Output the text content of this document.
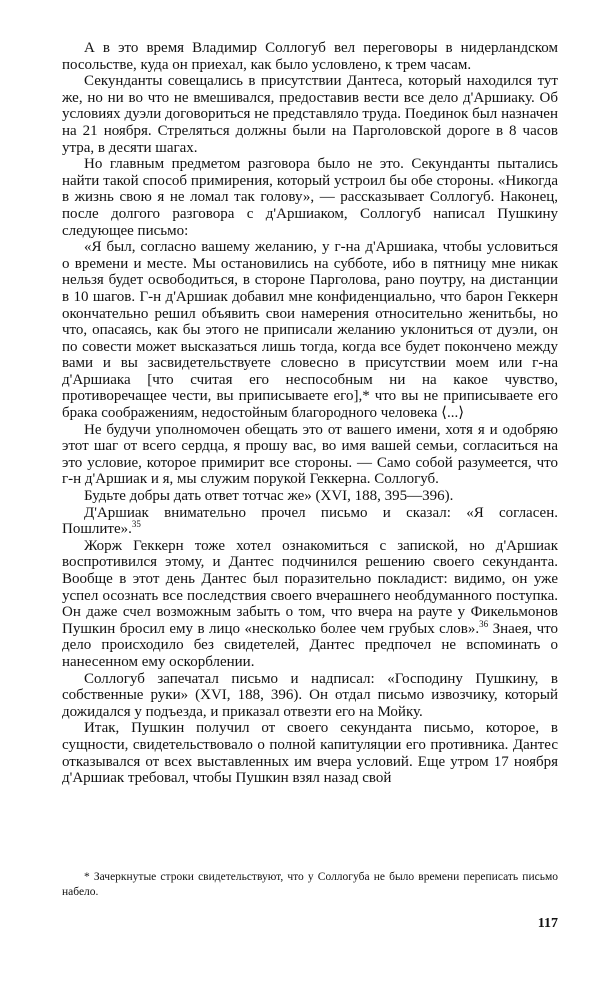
А в это время Владимир Соллогуб вел переговоры в нидерландском посольстве, куда он приехал, как было условлено, к трем часам.

Секунданты совещались в присутствии Дантеса, который находился тут же, но ни во что не вмешивался, предоставив вести все дело д'Аршиаку. Об условиях дуэли договориться не представляло труда. Поединок был назначен на 21 ноября. Стреляться должны были на Парголовской дороге в 8 часов утра, в десяти шагах.

Но главным предметом разговора было не это. Секунданты пытались найти такой способ примирения, который устроил бы обе стороны. «Никогда в жизнь свою я не ломал так голову», — рассказывает Соллогуб. Наконец, после долгого разговора с д'Аршиаком, Соллогуб написал Пушкину следующее письмо:

«Я был, согласно вашему желанию, у г-на д'Аршиака, чтобы условиться о времени и месте. Мы остановились на субботе, ибо в пятницу мне никак нельзя будет освободиться, в стороне Парголова, рано поутру, на дистанции в 10 шагов. Г-н д'Аршиак добавил мне конфиденциально, что барон Геккерн окончательно решил объявить свои намерения относительно женитьбы, но что, опасаясь, как бы этого не приписали желанию уклониться от дуэли, он по совести может высказаться лишь тогда, когда все будет покончено между вами и вы засвидетельствуете словесно в присутствии моем или г-на д'Аршиака [что считая его неспособным ни на какое чувство, противоречащее чести, вы приписываете его],* что вы не приписываете его брака соображениям, недостойным благородного человека ⟨...⟩

Не будучи уполномочен обещать это от вашего имени, хотя я и одобряю этот шаг от всего сердца, я прошу вас, во имя вашей семьи, согласиться на это условие, которое примирит все стороны. — Само собой разумеется, что г-н д'Аршиак и я, мы служим порукой Геккерна. Соллогуб.

Будьте добры дать ответ тотчас же» (XVI, 188, 395—396).

Д'Аршиак внимательно прочел письмо и сказал: «Я согласен. Пошлите».$^{35}$

Жорж Геккерн тоже хотел ознакомиться с запиской, но д'Аршиак воспротивился этому, и Дантес подчинился решению своего секунданта. Вообще в этот день Дантес был поразительно покладист: видимо, он уже успел осознать все последствия своего вчерашнего необдуманного поступка. Он даже счел возможным забыть о том, что вчера на рауте у Фикельмонов Пушкин бросил ему в лицо «несколько более чем грубых слов».$^{36}$ Знаея, что дело происходило без свидетелей, Дантес предпочел не вспоминать о нанесенном ему оскорблении.

Соллогуб запечатал письмо и надписал: «Господину Пушкину, в собственные руки» (XVI, 188, 396). Он отдал письмо извозчику, который дожидался у подъезда, и приказал отвезти его на Мойку.

Итак, Пушкин получил от своего секунданта письмо, которое, в сущности, свидетельствовало о полной капитуляции его противника. Дантес отказывался от всех выставленных им вчера условий. Еще утром 17 ноября д'Аршиак требовал, чтобы Пушкин взял назад свой

* Зачеркнутые строки свидетельствуют, что у Соллогуба не было времени переписать письмо набело.

117
